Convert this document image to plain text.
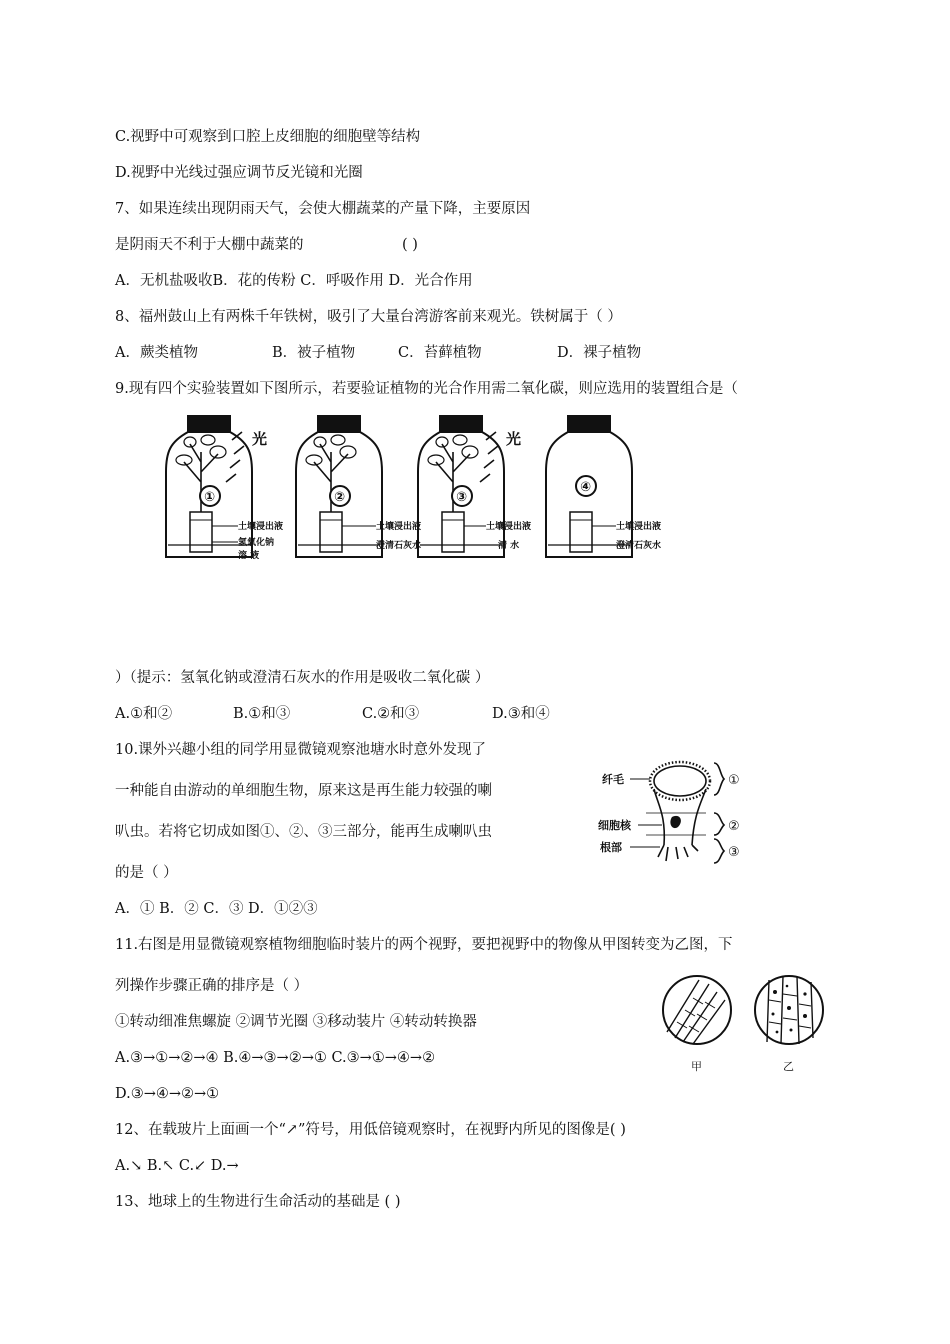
C.视野中可观察到口腔上皮细胞的细胞壁等结构
D.视野中光线过强应调节反光镜和光圈
7、如果连续出现阴雨天气，会使大棚蔬菜的产量下降，主要原因
是阴雨天不利于大棚中蔬菜的	( )
A．无机盐吸收B．花的传粉 C．呼吸作用 D．光合作用
8、福州鼓山上有两株千年铁树，吸引了大量台湾游客前来观光。铁树属于（ ）
A．蕨类植物	B．被子植物	C．苔藓植物	D．裸子植物
9.现有四个实验装置如下图所示，若要验证植物的光合作用需二氧化碳，则应选用的装置组合是（
光	光
①	②	③
④
土壤浸出液
氢氧化钠
溶 液
土壤浸出液
澄清石灰水
土壤浸出液
清 水
土壤浸出液
澄清石灰水
）（提示：氢氧化钠或澄清石灰水的作用是吸收二氧化碳 ）
A.①和②	B.①和③	C.②和③	D.③和④
10.课外兴趣小组的同学用显微镜观察池塘水时意外发现了
一种能自由游动的单细胞生物，原来这是再生能力较强的喇
叭虫。若将它切成如图①、②、③三部分，能再生成喇叭虫
的是（ ）
A．① B．② C．③ D．①②③
纤毛
细胞核
根部
①
②
③
11.右图是用显微镜观察植物细胞临时装片的两个视野，要把视野中的物像从甲图转变为乙图，下
列操作步骤正确的排序是（ ）
①转动细准焦螺旋 ②调节光圈 ③移动装片 ④转动转换器
A.③→①→②→④ B.④→③→②→① C.③→①→④→②
D.③→④→②→①
甲	乙
12、在载玻片上面画一个“↗”符号，用低倍镜观察时，在视野内所见的图像是( )
A.↘ B.↖ C.↙ D.→
13、地球上的生物进行生命活动的基础是 ( )
